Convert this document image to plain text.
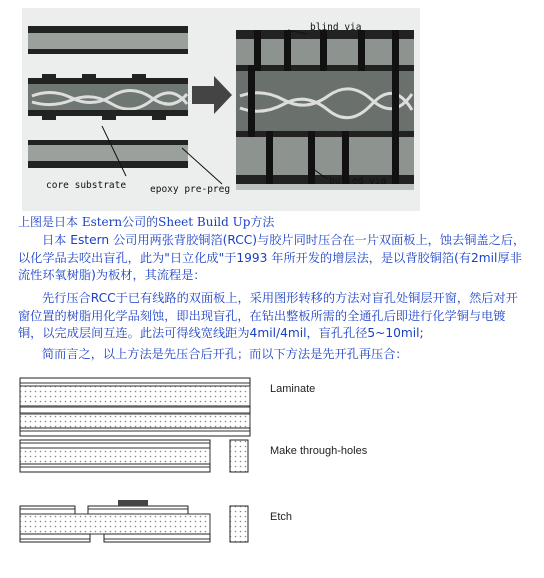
blind via
core substrate	epoxy pre-preg
buried via
上图是日本 Estern公司的Sheet Build Up方法
日本 Estern 公司用两张背胶铜箔(RCC)与胶片同时压合在一片双面板上，蚀去铜盖之后，以化学品去咬出盲孔，此为"日立化成"于1993 年所开发的增层法，是以背胶铜箔(有2mil厚非流性环氧树脂)为板材，其流程是：
先行压合RCC于已有线路的双面板上，采用图形转移的方法对盲孔处铜层开窗，然后对开窗位置的树脂用化学品刻蚀，即出现盲孔，在钻出整板所需的全通孔后即进行化学铜与电镀铜，以完成层间互连。此法可得线宽线距为4mil/4mil，盲孔孔径5~10mil;
简而言之，以上方法是先压合后开孔；而以下方法是先开孔再压合：
Laminate
Make through-holes
Etch
